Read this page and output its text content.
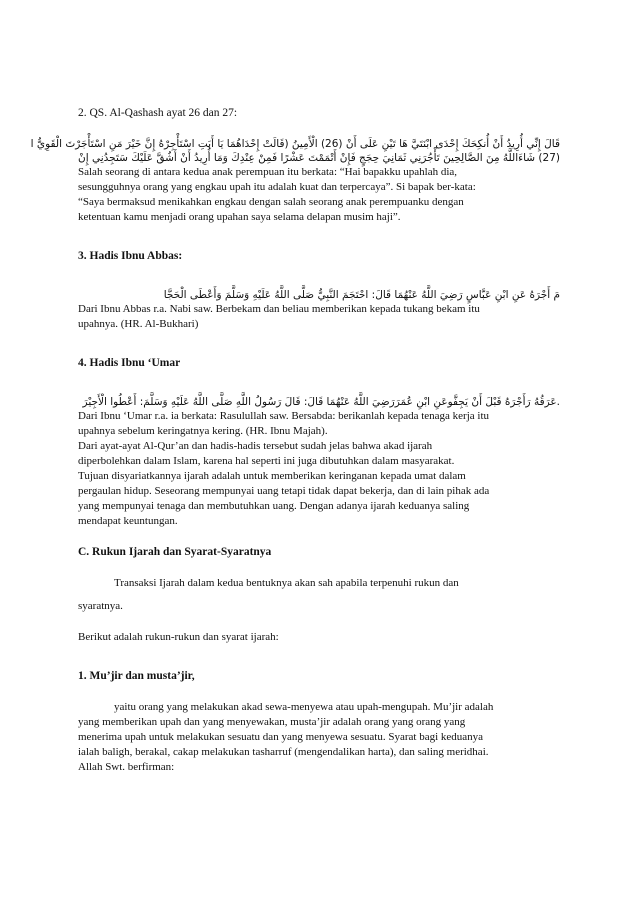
2. QS. Al-Qashash ayat 26 dan 27:

قَالَ إِنِّي أُرِيدُ أَنْ أُنكِحَكَ إِحْدَى ابْنَتَيَّ هَا تَيْنِ عَلَى أَنْ (26) الْأَمِينُ (قَالَتْ إِحْدَاهُمَا يَا أَبَتِ اسْتَأْجِرْهُ إِنَّ خَيْرَ مَنِ اسْتَأْجَرْتَ الْقَوِيُّ ا

(27) شَاءَاللَّهُ مِنَ الصَّالِحِينَ تَأْجُرَنِي ثَمَانِيَ حِجَجٍ فَإِنْ أَتْمَمْتَ عَشْرًا فَمِنْ عِنْدِكَ وَمَا أُرِيدُ أَنْ أَشُقَّ عَلَيْكَ سَتَجِدُنِي إِنْ

Salah seorang di antara kedua anak perempuan itu berkata: “Hai bapakku upahlah dia,

sesungguhnya orang yang engkau upah itu adalah kuat dan terpercaya”. Si bapak ber-kata:

“Saya bermaksud menikahkan engkau dengan salah seorang anak perempuanku dengan

ketentuan kamu menjadi orang upahan saya selama delapan musim haji”.

3. Hadis Ibnu Abbas:

مَ أَجْرَهُ عَنِ ابْنِ عَبَّاسٍ رَضِيَ اللَّهُ عَنْهُمَا قَالَ: احْتَجَمَ النَّبِيُّ صَلَّى اللَّهُ عَلَيْهِ وَسَلَّمَ وَأَعْطَى الْحَجَّا

Dari Ibnu Abbas r.a. Nabi saw. Berbekam dan beliau memberikan kepada tukang bekam itu

upahnya. (HR. Al-Bukhari)

4. Hadis Ibnu ‘Umar

.عَرَقُهُ رَأَجْرَهُ قَبْلَ أَنْ يَجِفَّوعَنِ ابْنِ عُمَرَرَضِيَ اللَّهُ عَنْهُمَا قَالَ: قَالَ رَسُولُ اللَّهِ صَلَّى اللَّهُ عَلَيْهِ وَسَلَّمَ: أَعْطُوا الْأَجِيْرَ

Dari Ibnu ‘Umar r.a. ia berkata: Rasulullah saw. Bersabda: berikanlah kepada tenaga kerja itu

upahnya sebelum keringatnya kering. (HR. Ibnu Majah).

Dari ayat-ayat Al-Qur’an dan hadis-hadis tersebut sudah jelas bahwa akad ijarah

diperbolehkan dalam Islam, karena hal seperti ini juga dibutuhkan dalam masyarakat.

Tujuan disyariatkannya ijarah adalah untuk memberikan keringanan kepada umat dalam

pergaulan hidup. Seseorang mempunyai uang tetapi tidak dapat bekerja, dan di lain pihak ada

yang mempunyai tenaga dan membutuhkan uang. Dengan adanya ijarah keduanya saling

mendapat keuntungan.

C. Rukun Ijarah dan Syarat-Syaratnya

Transaksi Ijarah dalam kedua bentuknya akan sah apabila terpenuhi rukun dan

syaratnya.

Berikut adalah rukun-rukun dan syarat ijarah:

1. Mu’jir dan musta’jir,

yaitu orang yang melakukan akad sewa-menyewa atau upah-mengupah. Mu’jir adalah

yang memberikan upah dan yang menyewakan, musta’jir adalah orang yang orang yang

menerima upah untuk melakukan sesuatu dan yang menyewa sesuatu. Syarat bagi keduanya

ialah baligh, berakal, cakap melakukan tasharruf (mengendalikan harta), dan saling meridhai.

Allah Swt. berfirman:
